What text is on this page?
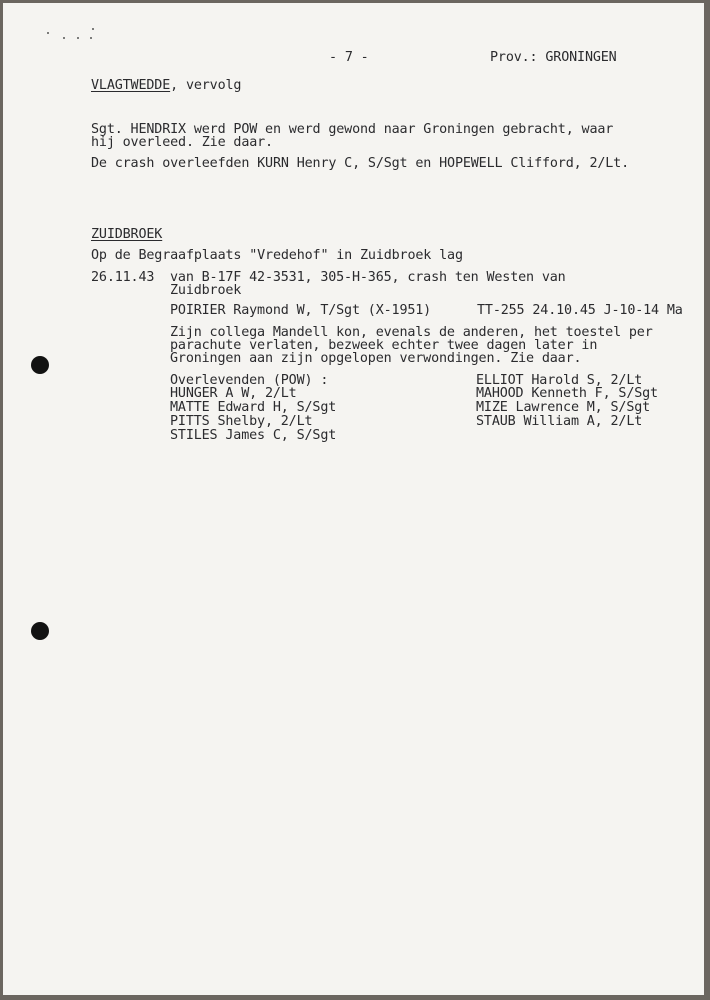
- 7 -	Prov.: GRONINGEN
VLAGTWEDDE, vervolg
Sgt. HENDRIX werd POW en werd gewond naar Groningen gebracht, waar
hij overleed. Zie daar.
De crash overleefden KURN Henry C, S/Sgt en HOPEWELL Clifford, 2/Lt.
ZUIDBROEK
Op de Begraafplaats "Vredehof" in Zuidbroek lag
26.11.43 van B-17F 42-3531, 305-H-365, crash ten Westen van
Zuidbroek
POIRIER Raymond W, T/Sgt (X-1951)	TT-255 24.10.45 J-10-14 Ma
Zijn collega Mandell kon, evenals de anderen, het toestel per
parachute verlaten, bezweek echter twee dagen later in
Groningen aan zijn opgelopen verwondingen. Zie daar.
Overlevenden (POW) :
HUNGER A W, 2/Lt
MATTE Edward H, S/Sgt
PITTS Shelby, 2/Lt
STILES James C, S/Sgt
ELLIOT Harold S, 2/Lt
MAHOOD Kenneth F, S/Sgt
MIZE Lawrence M, S/Sgt
STAUB William A, 2/Lt
